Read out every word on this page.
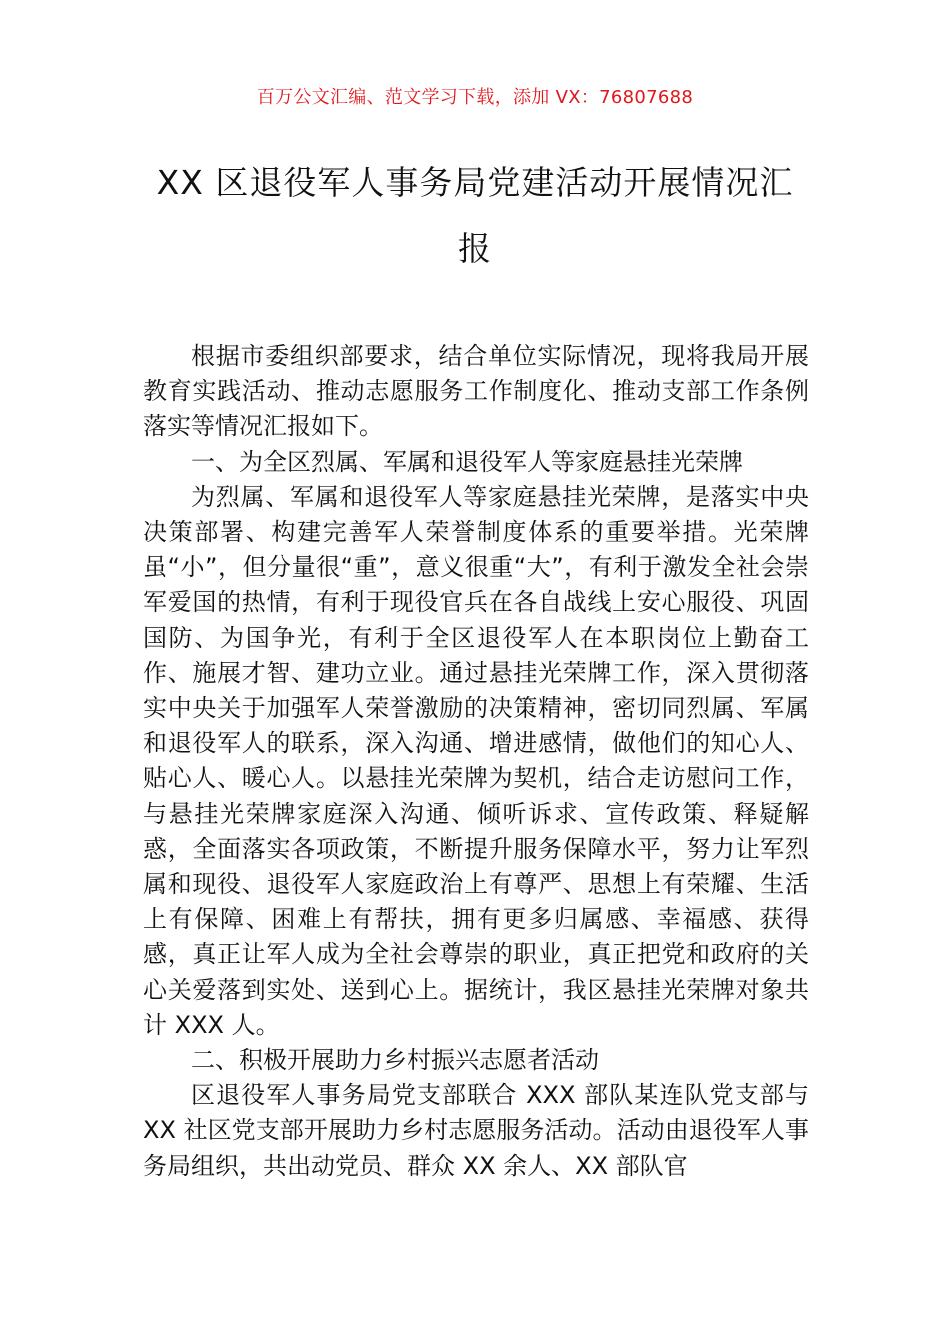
百万公文汇编、范文学习下载，添加 VX：76807688
XX 区退役军人事务局党建活动开展情况汇报

根据市委组织部要求，结合单位实际情况，现将我局开展教育实践活动、推动志愿服务工作制度化、推动支部工作条例落实等情况汇报如下。

一、为全区烈属、军属和退役军人等家庭悬挂光荣牌

为烈属、军属和退役军人等家庭悬挂光荣牌，是落实中央决策部署、构建完善军人荣誉制度体系的重要举措。光荣牌虽“小”，但分量很“重”，意义很重“大”，有利于激发全社会崇军爱国的热情，有利于现役官兵在各自战线上安心服役、巩固国防、为国争光，有利于全区退役军人在本职岗位上勤奋工作、施展才智、建功立业。通过悬挂光荣牌工作，深入贯彻落实中央关于加强军人荣誉激励的决策精神，密切同烈属、军属和退役军人的联系，深入沟通、增进感情，做他们的知心人、贴心人、暖心人。以悬挂光荣牌为契机，结合走访慰问工作，与悬挂光荣牌家庭深入沟通、倾听诉求、宣传政策、释疑解惑，全面落实各项政策，不断提升服务保障水平，努力让军烈属和现役、退役军人家庭政治上有尊严、思想上有荣耀、生活上有保障、困难上有帮扶，拥有更多归属感、幸福感、获得感，真正让军人成为全社会尊崇的职业，真正把党和政府的关心关爱落到实处、送到心上。据统计，我区悬挂光荣牌对象共计 XXX 人。

二、积极开展助力乡村振兴志愿者活动

区退役军人事务局党支部联合 XXX 部队某连队党支部与 XX 社区党支部开展助力乡村志愿服务活动。活动由退役军人事务局组织，共出动党员、群众 XX 余人、XX 部队官
